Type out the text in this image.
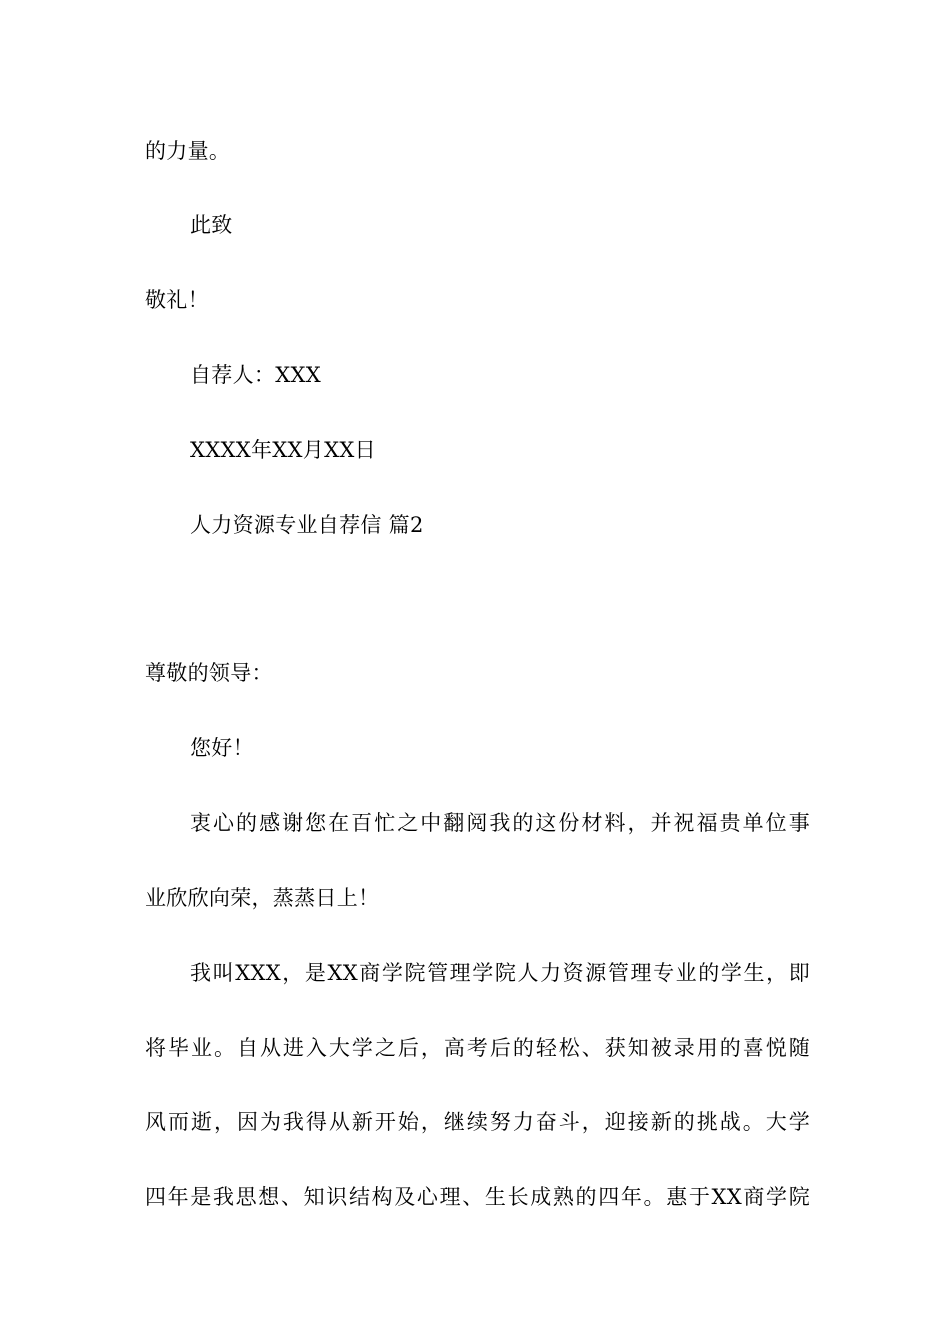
的力量。
此致
敬礼！
自荐人：XXX
XXXX年XX月XX日
人力资源专业自荐信 篇2
尊敬的领导：
您好！
衷心的感谢您在百忙之中翻阅我的这份材料，并祝福贵单位事
业欣欣向荣，蒸蒸日上！
我叫XXX，是XX商学院管理学院人力资源管理专业的学生，即
将毕业。自从进入大学之后，高考后的轻松、获知被录用的喜悦随
风而逝，因为我得从新开始，继续努力奋斗，迎接新的挑战。大学
四年是我思想、知识结构及心理、生长成熟的四年。惠于XX商学院
